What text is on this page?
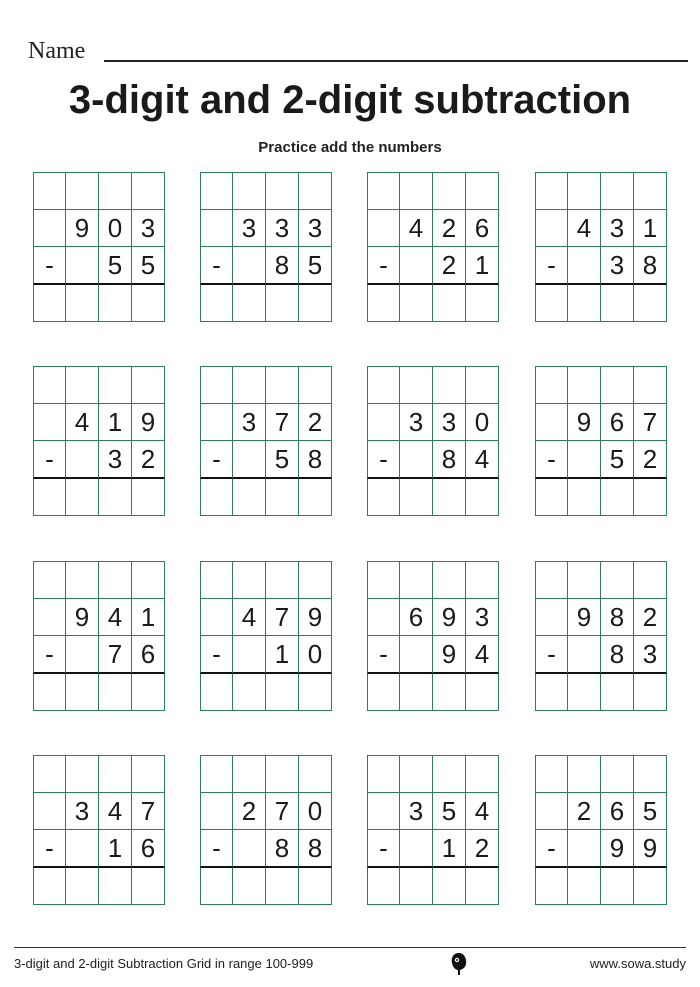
Name
3-digit and 2-digit subtraction
Practice add the numbers
9 0 3
-	5 5
3 3 3
-	8 5
4 2 6
-	2 1
4 3 1
-	3 8
4 1 9
-	3 2
3 7 2
-	5 8
3 3 0
-	8 4
9 6 7
-	5 2
9 4 1
-	7 6
4 7 9
-	1 0
6 9 3
-	9 4
9 8 2
-	8 3
3 4 7
-	1 6
2 7 0
-	8 8
3 5 4
-	1 2
2 6 5
-	9 9
3-digit and 2-digit Subtraction Grid in range 100-999	www.sowa.study
